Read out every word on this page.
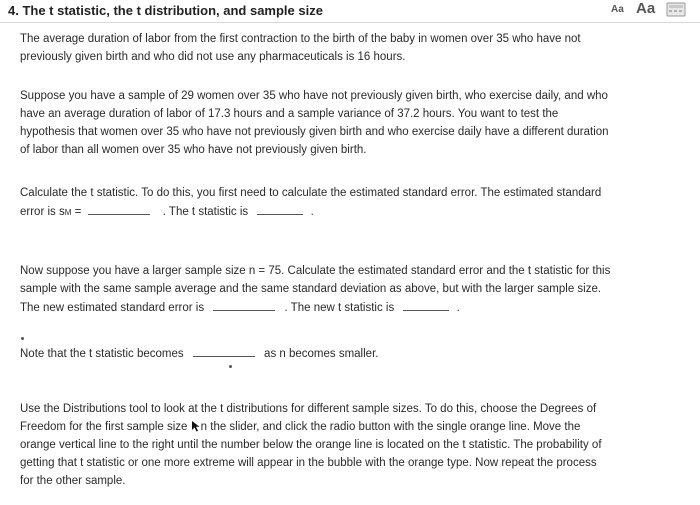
4. The t statistic, the t distribution, and sample size	Aa Aa
The average duration of labor from the first contraction to the birth of the baby in women over 35 who have not
previously given birth and who did not use any pharmaceuticals is 16 hours.
Suppose you have a sample of 29 women over 35 who have not previously given birth, who exercise daily, and who
have an average duration of labor of 17.3 hours and a sample variance of 37.2 hours. You want to test the
hypothesis that women over 35 who have not previously given birth and who exercise daily have a different duration
of labor than all women over 35 who have not previously given birth.
Calculate the t statistic. To do this, you first need to calculate the estimated standard error. The estimated standard
error is sM =	. The t statistic is	.
Now suppose you have a larger sample size n = 75. Calculate the estimated standard error and the t statistic for this
sample with the same sample average and the same standard deviation as above, but with the larger sample size.
The new estimated standard error is	. The new t statistic is	.
Note that the t statistic becomes	as n becomes smaller.
Use the Distributions tool to look at the t distributions for different sample sizes. To do this, choose the Degrees of
Freedom for the first sample size n the slider, and click the radio button with the single orange line. Move the
orange vertical line to the right until the number below the orange line is located on the t statistic. The probability of
getting that t statistic or one more extreme will appear in the bubble with the orange type. Now repeat the process
for the other sample.
